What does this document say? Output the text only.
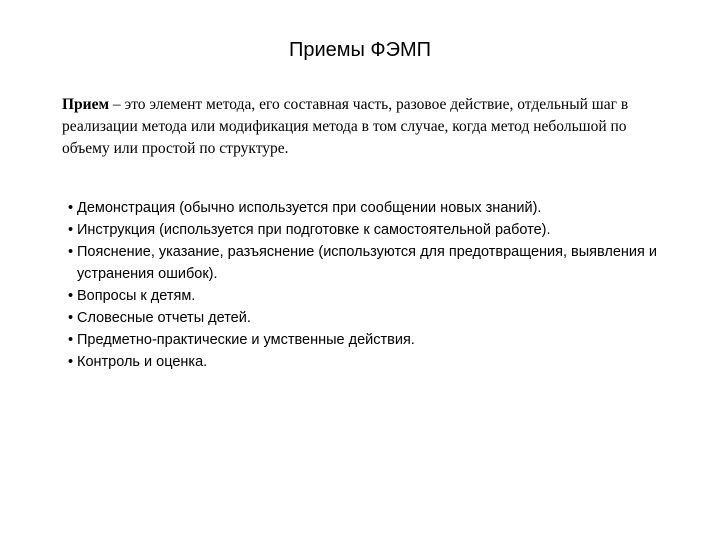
Приемы ФЭМП
Прием – это элемент метода, его составная часть, разовое действие, отдельный шаг в реализации метода или модификация метода в том случае, когда метод небольшой по объему или простой по структуре.
• Демонстрация (обычно используется при сообщении новых знаний).
• Инструкция (используется при подготовке к самостоятельной работе).
• Пояснение, указание, разъяснение (используются для предотвращения, выявления и устранения ошибок).
• Вопросы к детям.
• Словесные отчеты детей.
• Предметно-практические и умственные действия.
• Контроль и оценка.
